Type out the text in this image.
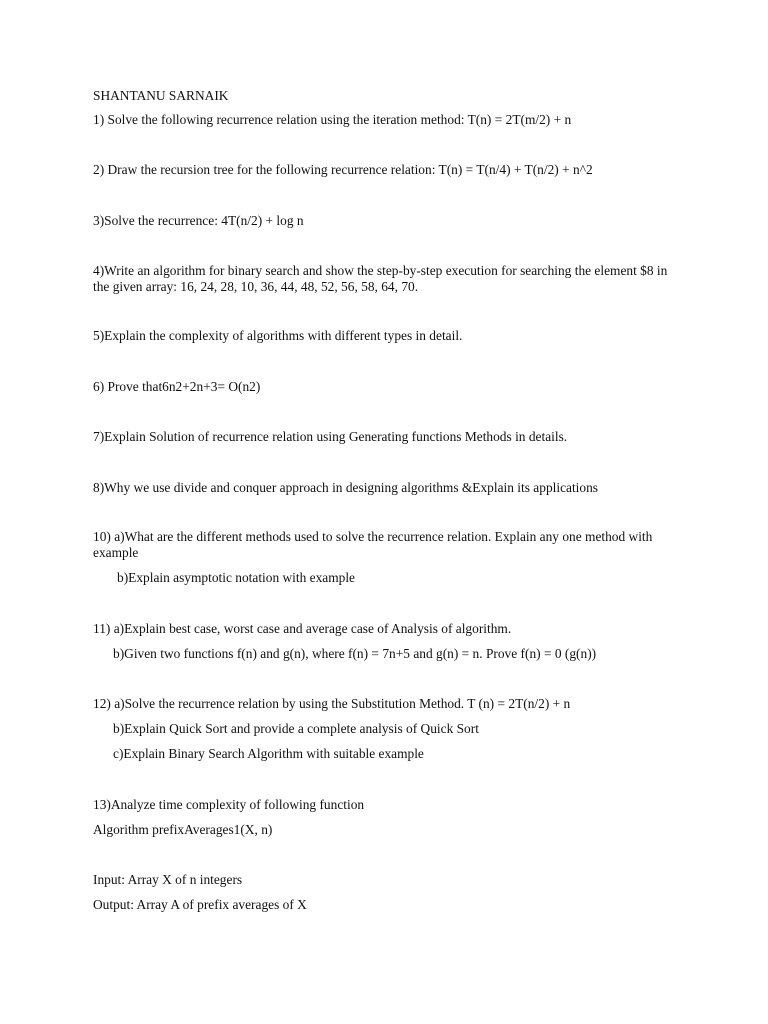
SHANTANU SARNAIK
1) Solve the following recurrence relation using the iteration method: T(n) = 2T(m/2) + n
2) Draw the recursion tree for the following recurrence relation: T(n) = T(n/4) + T(n/2) + n^2
3)Solve the recurrence: 4T(n/2) + log n
4)Write an algorithm for binary search and show the step-by-step execution for searching the element $8 in the given array: 16, 24, 28, 10, 36, 44, 48, 52, 56, 58, 64, 70.
5)Explain the complexity of algorithms with different types in detail.
6) Prove that6n2+2n+3= O(n2)
7)Explain Solution of recurrence relation using Generating functions Methods in details.
8)Why we use divide and conquer approach in designing algorithms &Explain its applications
10) a)What are the different methods used to solve the recurrence relation. Explain any one method with example
b)Explain asymptotic notation with example
11) a)Explain best case, worst case and average case of Analysis of algorithm.
b)Given two functions f(n) and g(n), where f(n) = 7n+5 and g(n) = n. Prove f(n) = 0 (g(n))
12) a)Solve the recurrence relation by using the Substitution Method. T (n) = 2T(n/2) + n
b)Explain Quick Sort and provide a complete analysis of Quick Sort
c)Explain Binary Search Algorithm with suitable example
13)Analyze time complexity of following function
Algorithm prefixAverages1(X, n)
Input: Array X of n integers
Output: Array A of prefix averages of X
